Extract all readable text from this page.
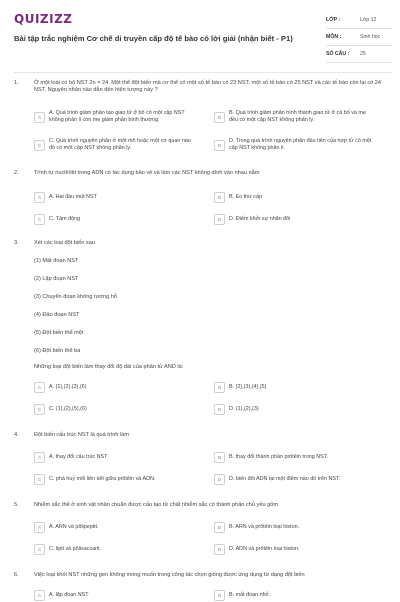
QUIZIZZ
Bài tập trắc nghiệm Cơ chế di truyền cấp độ tế bào có lời giải (nhận biết - P1)
LỚP :	Lớp 12
MÔN :	Sinh học
SỐ CÂU :	25
1.	Ở một loài có bộ NST 2n = 24. Một thể đột biến mà cơ thể có một số tế bào có 23 NST, một số tế bào có 25 NST và các tế bào còn lại có 24 NST. Nguyên nhân nào dẫn đến hiện tượng này ?
A
A. Quá trình giảm phân tạo giao tử ở bố có một cặp NST không phân li còn mẹ giảm phân bình thường.	B
B. Quá trình giảm phân hình thành giao tử ở cả bố và mẹ đều có một cặp NST không phân ly.
C
C. Quá trình nguyên phân ở một mô hoặc một cơ quan nào đó có một cặp NST không phân ly.	D
D. Trong quá trình nguyên phân đầu tiên của hợp tử có một cặp NST không phân li.
2.	Trình tự nuclêôtit trong ADN có tác dụng bảo vệ và làm các NST không dính vào nhau nằm
A	A. Hai đầu mút NST	B	B. Eo thứ cấp
C	C. Tâm động	D	D. Điểm khởi sự nhân đôi
3.	Xét các loại đột biến sau
(1) Mất đoạn NST
(2) Lặp đoạn NST
(3) Chuyển đoạn không tương hỗ
(4) Đảo đoạn NST
(5) Đột biến thể một
(6) Đột biến thể ba
Những loại đột biến làm thay đổi độ dài của phân tử AND là:
A	A. (1),(2),(3),(6)	B	B. (2),(3),(4),(5)
C	C. (1),(2),(5),(6)	D	D. (1),(2),(3)
4.	Đột biến cấu trúc NST là quá trình làm
A	A. thay đổi cấu trúc NST	B	B. thay đổi thành phần prôtêin trong NST.
C	C. phá huỷ mối liên kết giữa prôtêin và ADN.	D	D. biến đổi ADN tại một điểm nào đó trên NST.
5.	Nhiễm sắc thể ở sinh vật nhân chuẩn được cấu tạo từ chất nhiễm sắc có thành phần chủ yếu gồm
A	A. ARN và pôlipeptit.	B	B. ARN và prôtêin loại histon.
C	C. lipit và pôlisaccarit.	D	D. ADN và prôtêin loại histon.
6.	Việc loại khỏi NST những gen không mong muốn trong công tác chọn giống được ứng dụng từ dạng đột biến
A	A. lặp đoạn NST	B	B. mất đoạn nhỏ.
